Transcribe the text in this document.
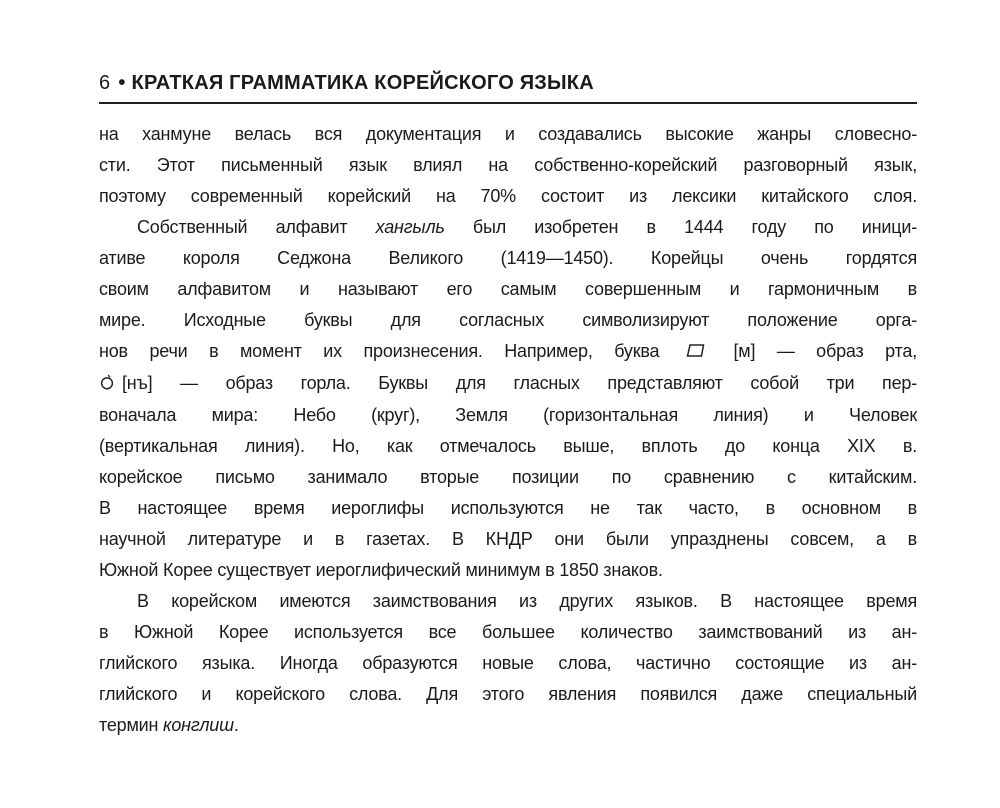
6 • КРАТКАЯ ГРАММАТИКА КОРЕЙСКОГО ЯЗЫКА
на ханмуне велась вся документация и создавались высокие жанры словесно-
сти. Этот письменный язык влиял на собственно-корейский разговорный язык,
поэтому современный корейский на 70% состоит из лексики китайского слоя.
Собственный алфавит хангыль был изобретен в 1444 году по иници-
ативе короля Седжона Великого (1419—1450). Корейцы очень гордятся
своим алфавитом и называют его самым совершенным и гармоничным в
мире. Исходные буквы для согласных символизируют положение орга-
нов речи в момент их произнесения. Например, буква	[м] — образ рта,
[нъ] — образ горла. Буквы для гласных представляют собой три пер-
воначала мира: Небо (круг), Земля (горизонтальная линия) и Человек
(вертикальная линия). Но, как отмечалось выше, вплоть до конца XIX в.
корейское письмо занимало вторые позиции по сравнению с китайским.
В настоящее время иероглифы используются не так часто, в основном в
научной литературе и в газетах. В КНДР они были упразднены совсем, а в
Южной Корее существует иероглифический минимум в 1850 знаков.
В корейском имеются заимствования из других языков. В настоящее время
в Южной Корее используется все большее количество заимствований из ан-
глийского языка. Иногда образуются новые слова, частично состоящие из ан-
глийского и корейского слова. Для этого явления появился даже специальный
термин конглиш.
